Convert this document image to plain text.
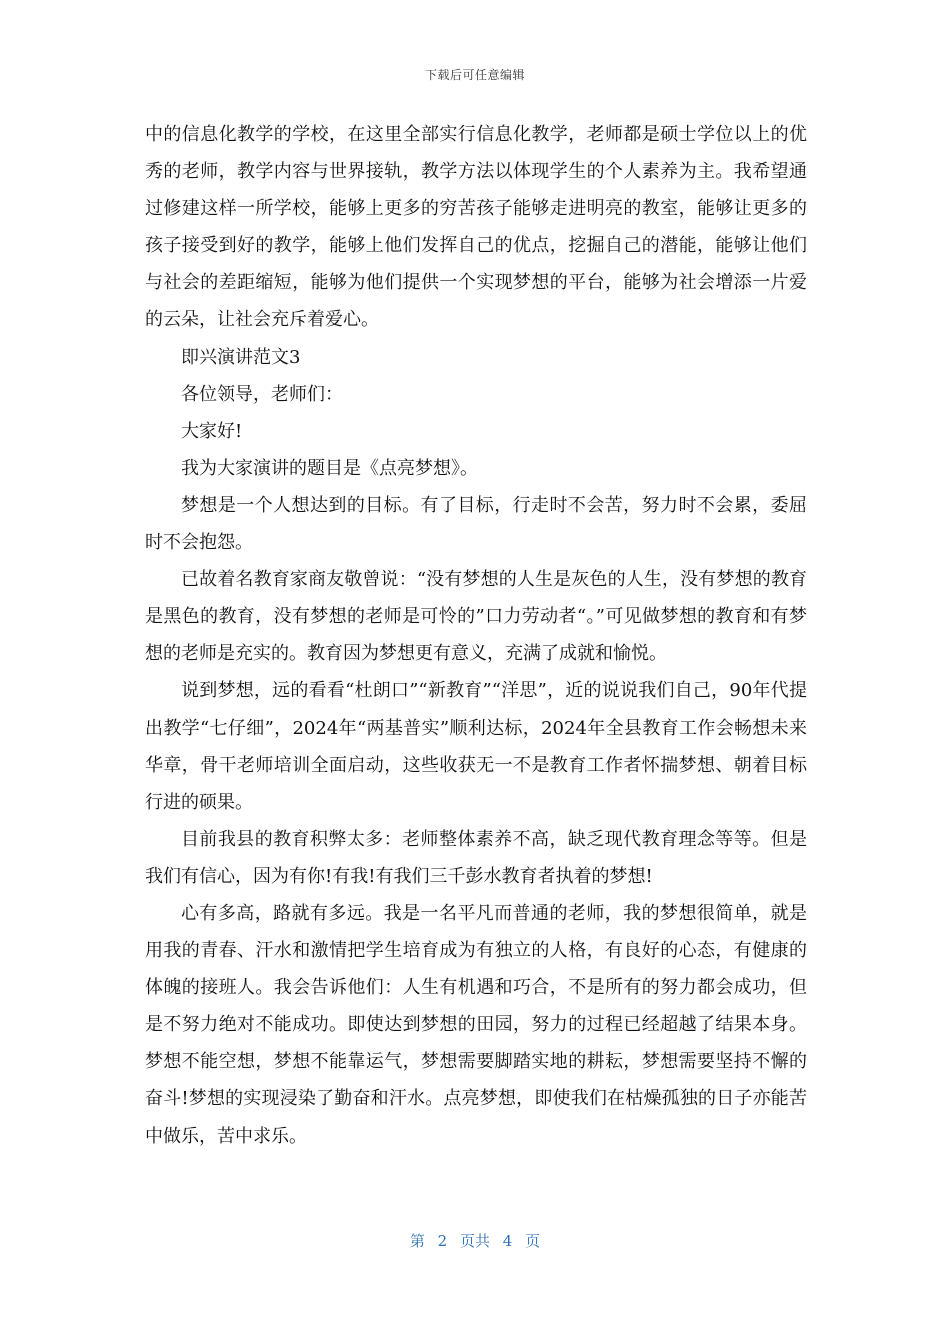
下载后可任意编辑

中的信息化教学的学校，在这里全部实行信息化教学，老师都是硕士学位以上的优秀的老师，教学内容与世界接轨，教学方法以体现学生的个人素养为主。我希望通过修建这样一所学校，能够上更多的穷苦孩子能够走进明亮的教室，能够让更多的孩子接受到好的教学，能够上他们发挥自己的优点，挖掘自己的潜能，能够让他们与社会的差距缩短，能够为他们提供一个实现梦想的平台，能够为社会增添一片爱的云朵，让社会充斥着爱心。

即兴演讲范文3

各位领导，老师们：

大家好!

我为大家演讲的题目是《点亮梦想》。

梦想是一个人想达到的目标。有了目标，行走时不会苦，努力时不会累，委屈时不会抱怨。

已故着名教育家商友敬曾说：“没有梦想的人生是灰色的人生，没有梦想的教育是黑色的教育，没有梦想的老师是可怜的”口力劳动者“。”可见做梦想的教育和有梦想的老师是充实的。教育因为梦想更有意义，充满了成就和愉悦。

说到梦想，远的看看“杜朗口”“新教育”“洋思”，近的说说我们自己，90年代提出教学“七仔细”，2024年“两基普实”顺利达标，2024年全县教育工作会畅想未来华章，骨干老师培训全面启动，这些收获无一不是教育工作者怀揣梦想、朝着目标行进的硕果。

目前我县的教育积弊太多：老师整体素养不高，缺乏现代教育理念等等。但是我们有信心，因为有你!有我!有我们三千彭水教育者执着的梦想!

心有多高，路就有多远。我是一名平凡而普通的老师，我的梦想很简单，就是用我的青春、汗水和激情把学生培育成为有独立的人格，有良好的心态，有健康的体魄的接班人。我会告诉他们：人生有机遇和巧合，不是所有的努力都会成功，但是不努力绝对不能成功。即使达到梦想的田园，努力的过程已经超越了结果本身。梦想不能空想，梦想不能靠运气，梦想需要脚踏实地的耕耘，梦想需要坚持不懈的奋斗!梦想的实现浸染了勤奋和汗水。点亮梦想，即使我们在枯燥孤独的日子亦能苦中做乐，苦中求乐。

第 2 页共 4 页
